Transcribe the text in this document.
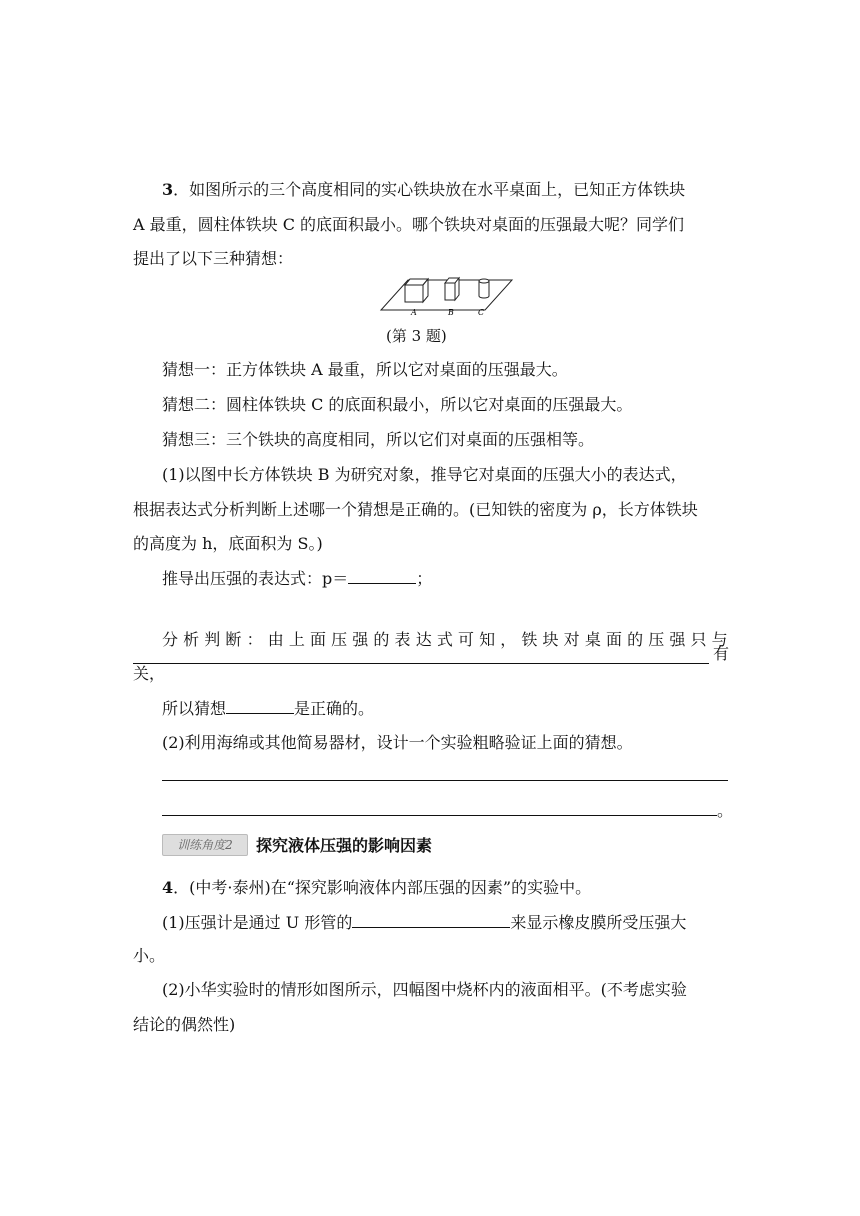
3．如图所示的三个高度相同的实心铁块放在水平桌面上，已知正方体铁块
A 最重，圆柱体铁块 C 的底面积最小。哪个铁块对桌面的压强最大呢？同学们
提出了以下三种猜想：
A	B	C
(第 3 题)
猜想一：正方体铁块 A 最重，所以它对桌面的压强最大。
猜想二：圆柱体铁块 C 的底面积最小，所以它对桌面的压强最大。
猜想三：三个铁块的高度相同，所以它们对桌面的压强相等。
(1)以图中长方体铁块 B 为研究对象，推导它对桌面的压强大小的表达式，
根据表达式分析判断上述哪一个猜想是正确的。(已知铁的密度为 ρ，长方体铁块
的高度为 h，底面积为 S。)
推导出压强的表达式：p＝	；
分 析 判 断 ： 由 上 面 压 强 的 表 达 式 可 知 ， 铁 块 对 桌 面 的 压 强 只 与
有
关，
所以猜想	是正确的。
(2)利用海绵或其他简易器材，设计一个实验粗略验证上面的猜想。
。
训练角度2	探究液体压强的影响因素
4．(中考·泰州)在“探究影响液体内部压强的因素”的实验中。
(1)压强计是通过 U 形管的	来显示橡皮膜所受压强大
小。
(2)小华实验时的情形如图所示，四幅图中烧杯内的液面相平。(不考虑实验
结论的偶然性)
